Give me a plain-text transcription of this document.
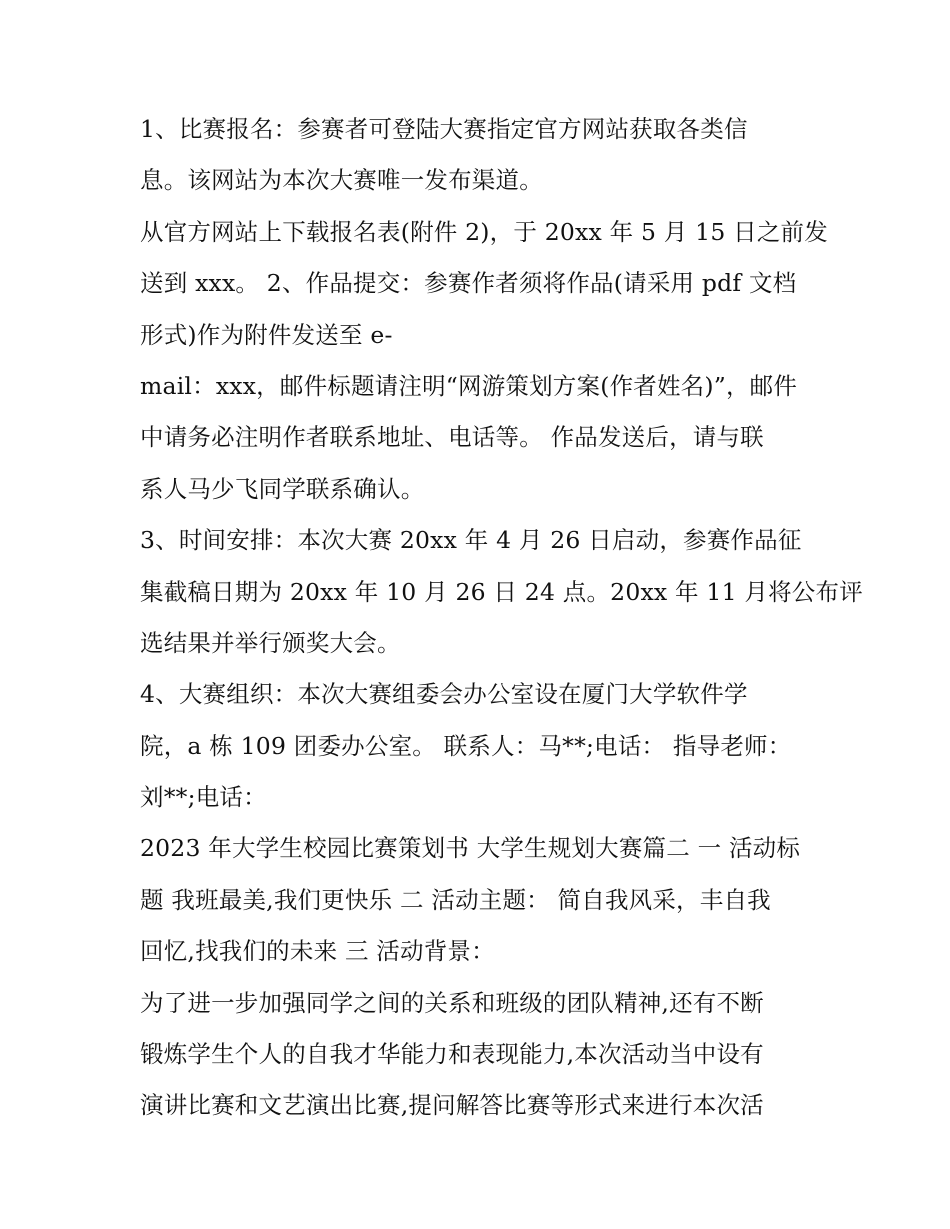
1、比赛报名：参赛者可登陆大赛指定官方网站获取各类信
息。该网站为本次大赛唯一发布渠道。
从官方网站上下载报名表(附件 2)，于 20xx 年 5 月 15 日之前发
送到 xxx。 2、作品提交：参赛作者须将作品(请采用 pdf 文档
形式)作为附件发送至 e-
mail：xxx，邮件标题请注明“网游策划方案(作者姓名)”，邮件
中请务必注明作者联系地址、电话等。 作品发送后，请与联
系人马少飞同学联系确认。
3、时间安排：本次大赛 20xx 年 4 月 26 日启动，参赛作品征
集截稿日期为 20xx 年 10 月 26 日 24 点。20xx 年 11 月将公布评
选结果并举行颁奖大会。
4、大赛组织：本次大赛组委会办公室设在厦门大学软件学
院，a 栋 109 团委办公室。 联系人：马**;电话： 指导老师：
刘**;电话：
2023 年大学生校园比赛策划书 大学生规划大赛篇二 一 活动标
题 我班最美,我们更快乐 二 活动主题： 简自我风采，丰自我
回忆,找我们的未来 三 活动背景：
为了进一步加强同学之间的关系和班级的团队精神,还有不断
锻炼学生个人的自我才华能力和表现能力,本次活动当中设有
演讲比赛和文艺演出比赛,提问解答比赛等形式来进行本次活
